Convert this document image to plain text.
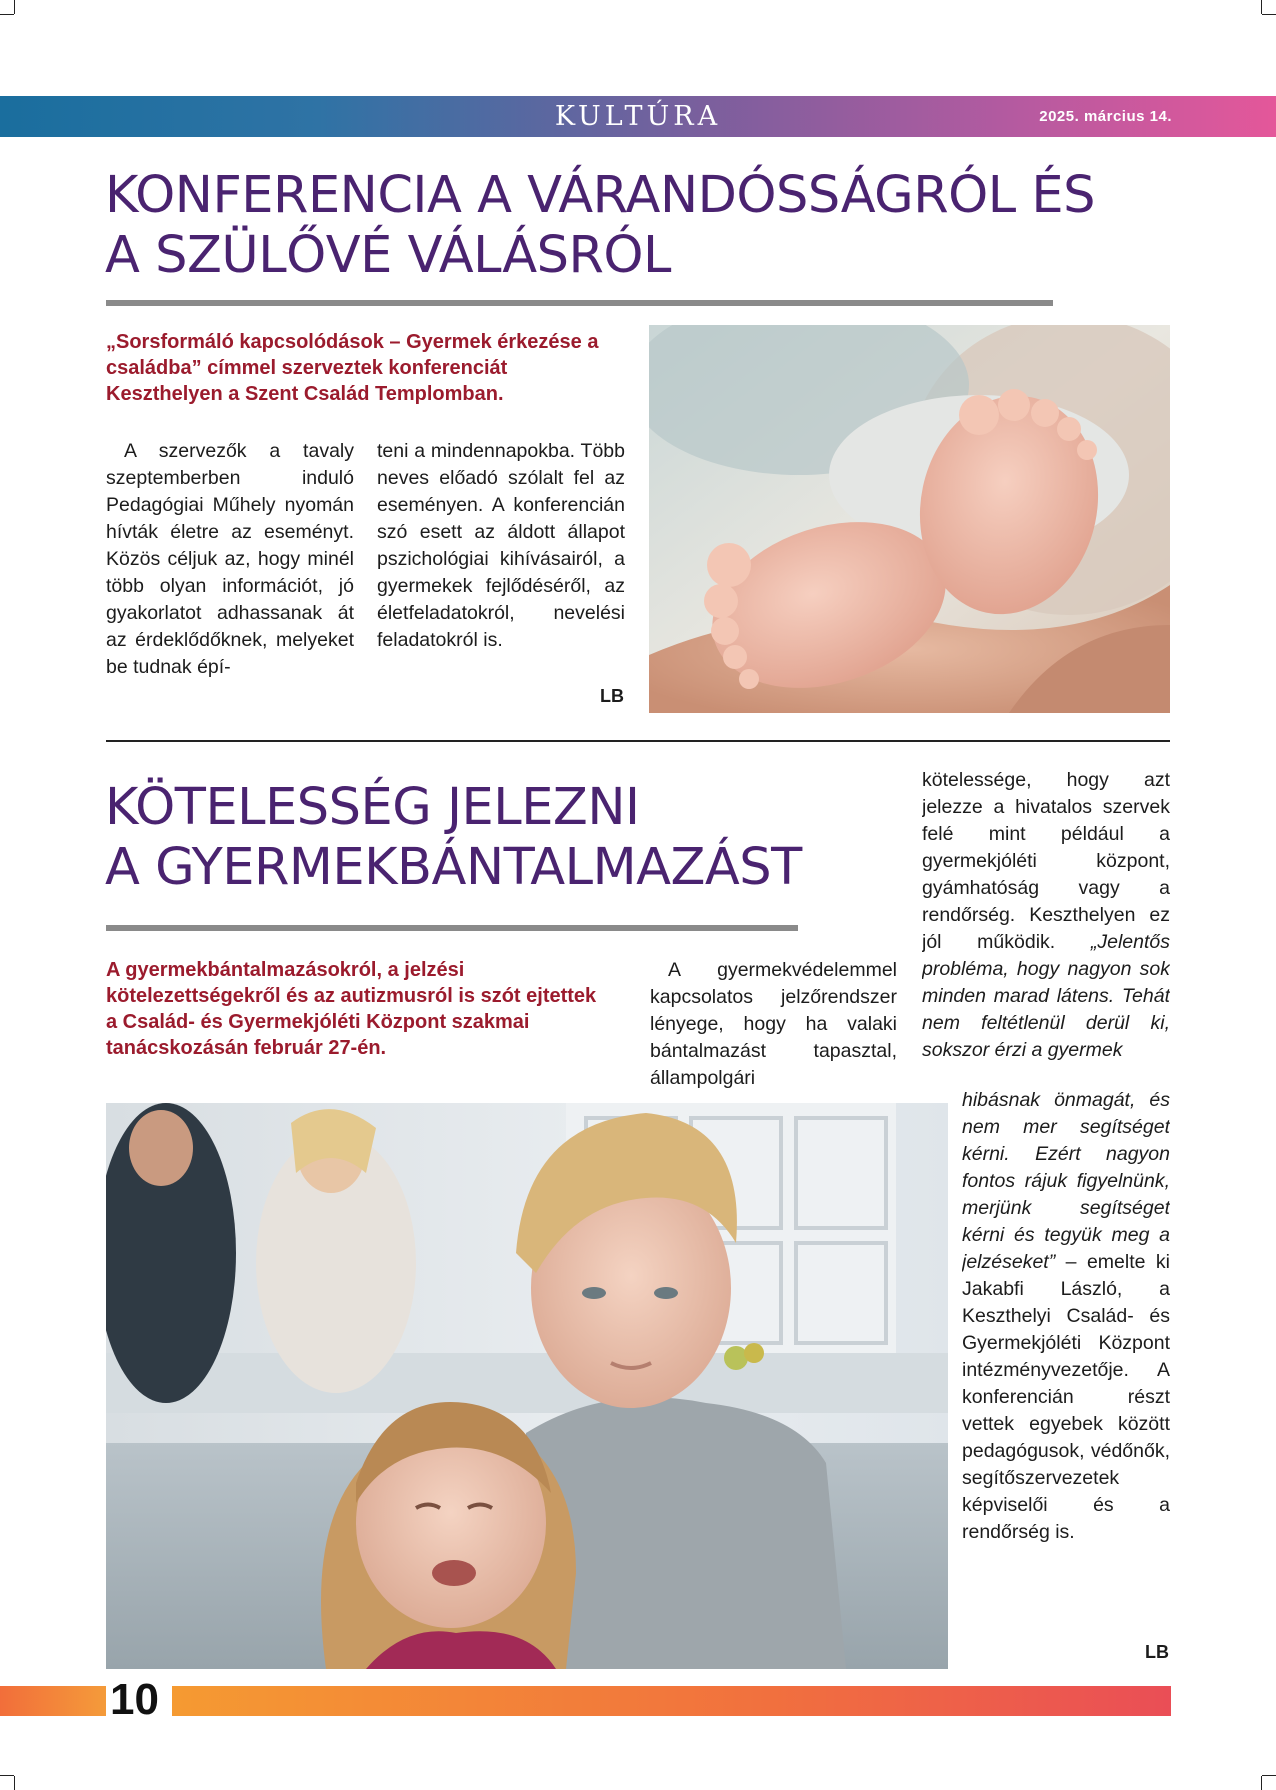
KULTÚRA	2025. március 14.
KONFERENCIA A VÁRANDÓSSÁGRÓL ÉS
A SZÜLŐVÉ VÁLÁSRÓL
„Sorsformáló kapcsolódások – Gyermek érkezése a családba” címmel szerveztek konferenciát Keszthelyen a Szent Család Templomban.

A szervezők a tavaly szeptemberben induló Pedagógiai Műhely nyomán hívták életre az eseményt. Közös céljuk az, hogy minél több olyan információt, jó gyakorlatot adhassanak át az érdeklődőknek, melyeket be tudnak épí-

teni a mindennapokba. Több neves előadó szólalt fel az eseményen. A konferencián szó esett az áldott állapot pszichológiai kihívásairól, a gyermekek fejlődéséről, az életfeladatokról, nevelési feladatokról is.

LB
KÖTELESSÉG JELEZNI
A GYERMEKBÁNTALMAZÁST
A gyermekbántalmazásokról, a jelzési kötelezettségekről és az autizmusról is szót ejtettek a Család- és Gyermekjóléti Központ szakmai tanácskozásán február 27-én.

A gyermekvédelemmel kapcsolatos jelzőrendszer lényege, hogy ha valaki bántalmazást tapasztal, állampolgári

kötelessége, hogy azt jelezze a hivatalos szervek felé mint például a gyermekjóléti központ, gyámhatóság vagy a rendőrség. Keszthelyen ez jól működik. „Jelentős probléma, hogy nagyon sok minden marad látens. Tehát nem feltétlenül derül ki, sokszor érzi a gyermek

hibásnak önmagát, és nem mer segítséget kérni. Ezért nagyon fontos rájuk figyelnünk, merjünk segítséget kérni és tegyük meg a jelzéseket” – emelte ki Jakabfi László, a Keszthelyi Család- és Gyermekjóléti Központ intézményvezetője. A konferencián részt vettek egyebek között pedagógusok, védőnők, segítőszervezetek képviselői és a rendőrség is.

LB
10
